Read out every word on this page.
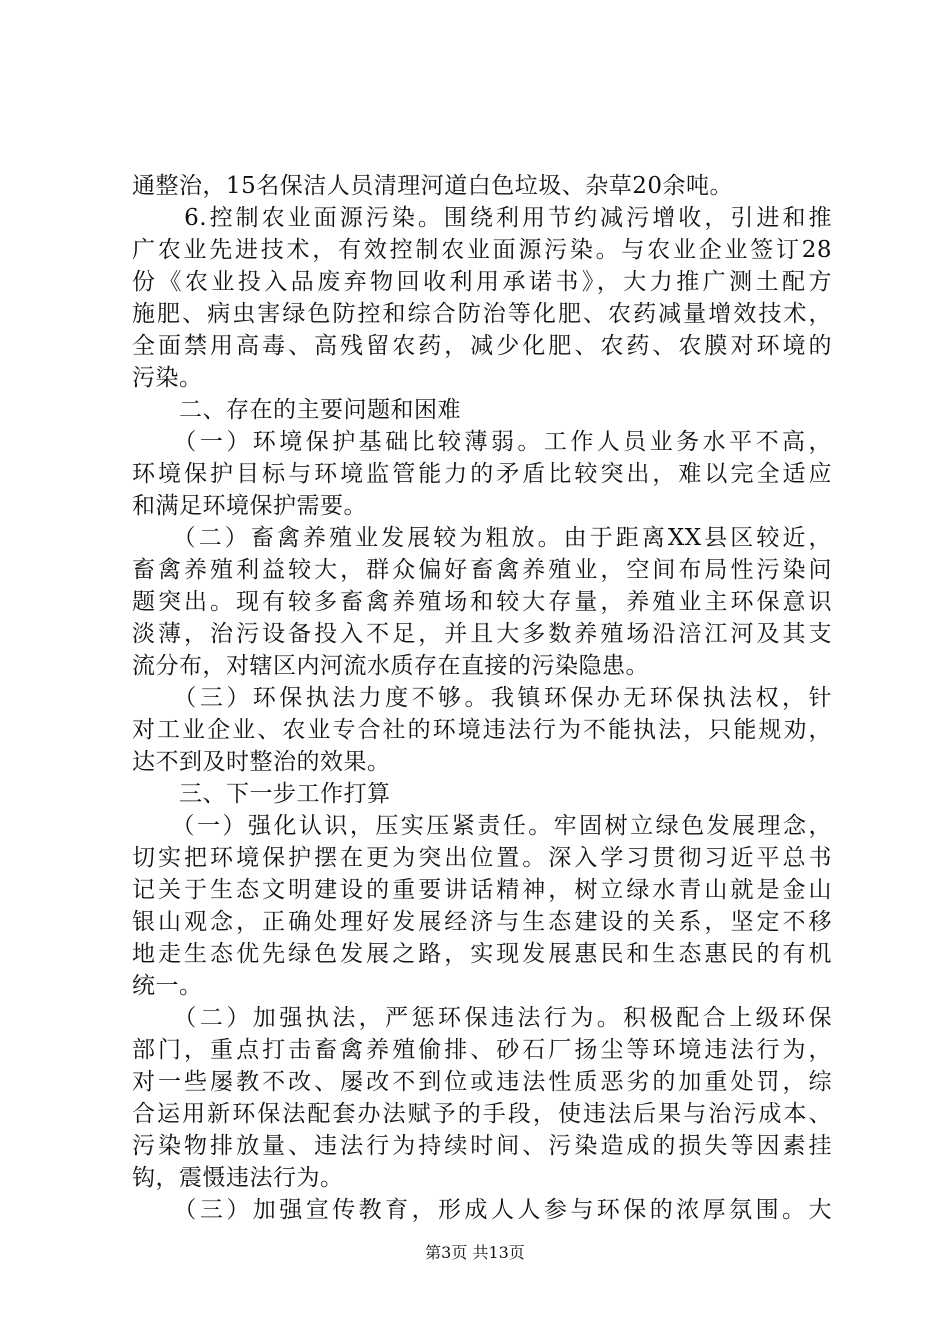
通整治，15名保洁人员清理河道白色垃圾、杂草20余吨。
　　6.控制农业面源污染。围绕利用节约减污增收，引进和推
广农业先进技术，有效控制农业面源污染。与农业企业签订28
份《农业投入品废弃物回收利用承诺书》，大力推广测土配方
施肥、病虫害绿色防控和综合防治等化肥、农药减量增效技术，
全面禁用高毒、高残留农药，减少化肥、农药、农膜对环境的
污染。
　　二、存在的主要问题和困难
　　（一）环境保护基础比较薄弱。工作人员业务水平不高，
环境保护目标与环境监管能力的矛盾比较突出，难以完全适应
和满足环境保护需要。
　　（二）畜禽养殖业发展较为粗放。由于距离XX县区较近，
畜禽养殖利益较大，群众偏好畜禽养殖业，空间布局性污染问
题突出。现有较多畜禽养殖场和较大存量，养殖业主环保意识
淡薄，治污设备投入不足，并且大多数养殖场沿涪江河及其支
流分布，对辖区内河流水质存在直接的污染隐患。
　　（三）环保执法力度不够。我镇环保办无环保执法权，针
对工业企业、农业专合社的环境违法行为不能执法，只能规劝，
达不到及时整治的效果。
　　三、下一步工作打算
　　（一）强化认识，压实压紧责任。牢固树立绿色发展理念，
切实把环境保护摆在更为突出位置。深入学习贯彻习近平总书
记关于生态文明建设的重要讲话精神，树立绿水青山就是金山
银山观念，正确处理好发展经济与生态建设的关系，坚定不移
地走生态优先绿色发展之路，实现发展惠民和生态惠民的有机
统一。
　　（二）加强执法，严惩环保违法行为。积极配合上级环保
部门，重点打击畜禽养殖偷排、砂石厂扬尘等环境违法行为，
对一些屡教不改、屡改不到位或违法性质恶劣的加重处罚，综
合运用新环保法配套办法赋予的手段，使违法后果与治污成本、
污染物排放量、违法行为持续时间、污染造成的损失等因素挂
钩，震慑违法行为。
　　（三）加强宣传教育，形成人人参与环保的浓厚氛围。大
第3页 共13页
